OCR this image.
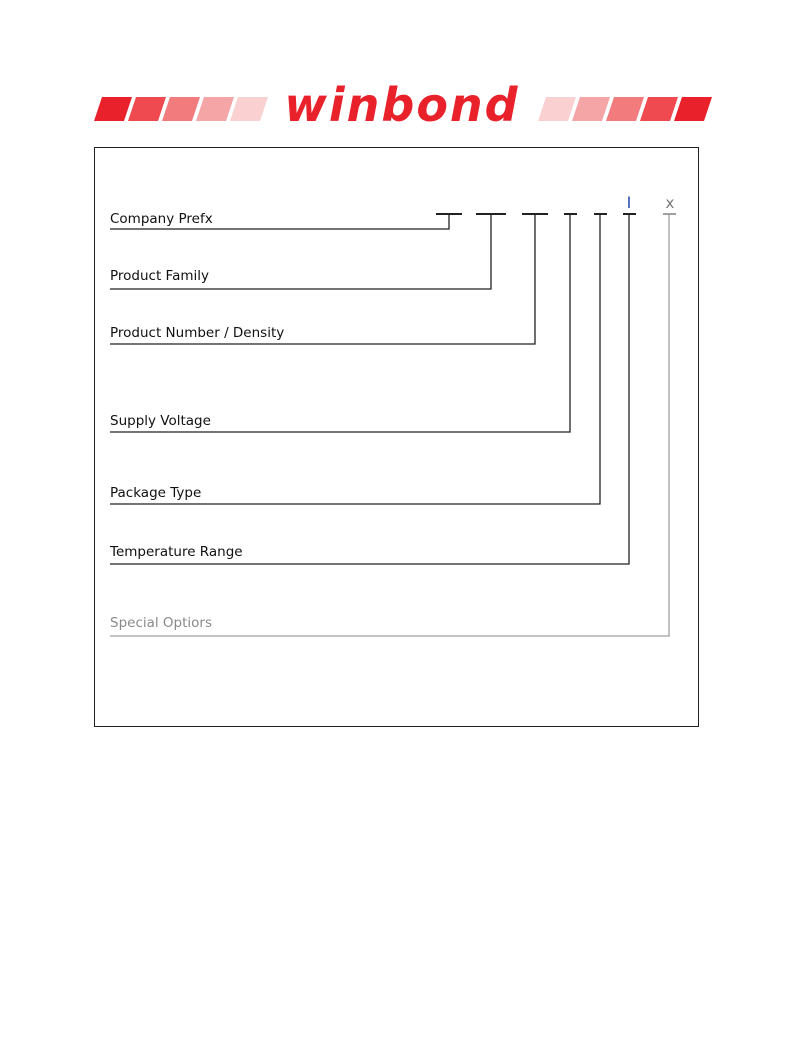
winbond
I x
Company Prefx
Product Family
Product Number / Density
Supply Voltage
Package Type
Temperature Range
Special Optiors
